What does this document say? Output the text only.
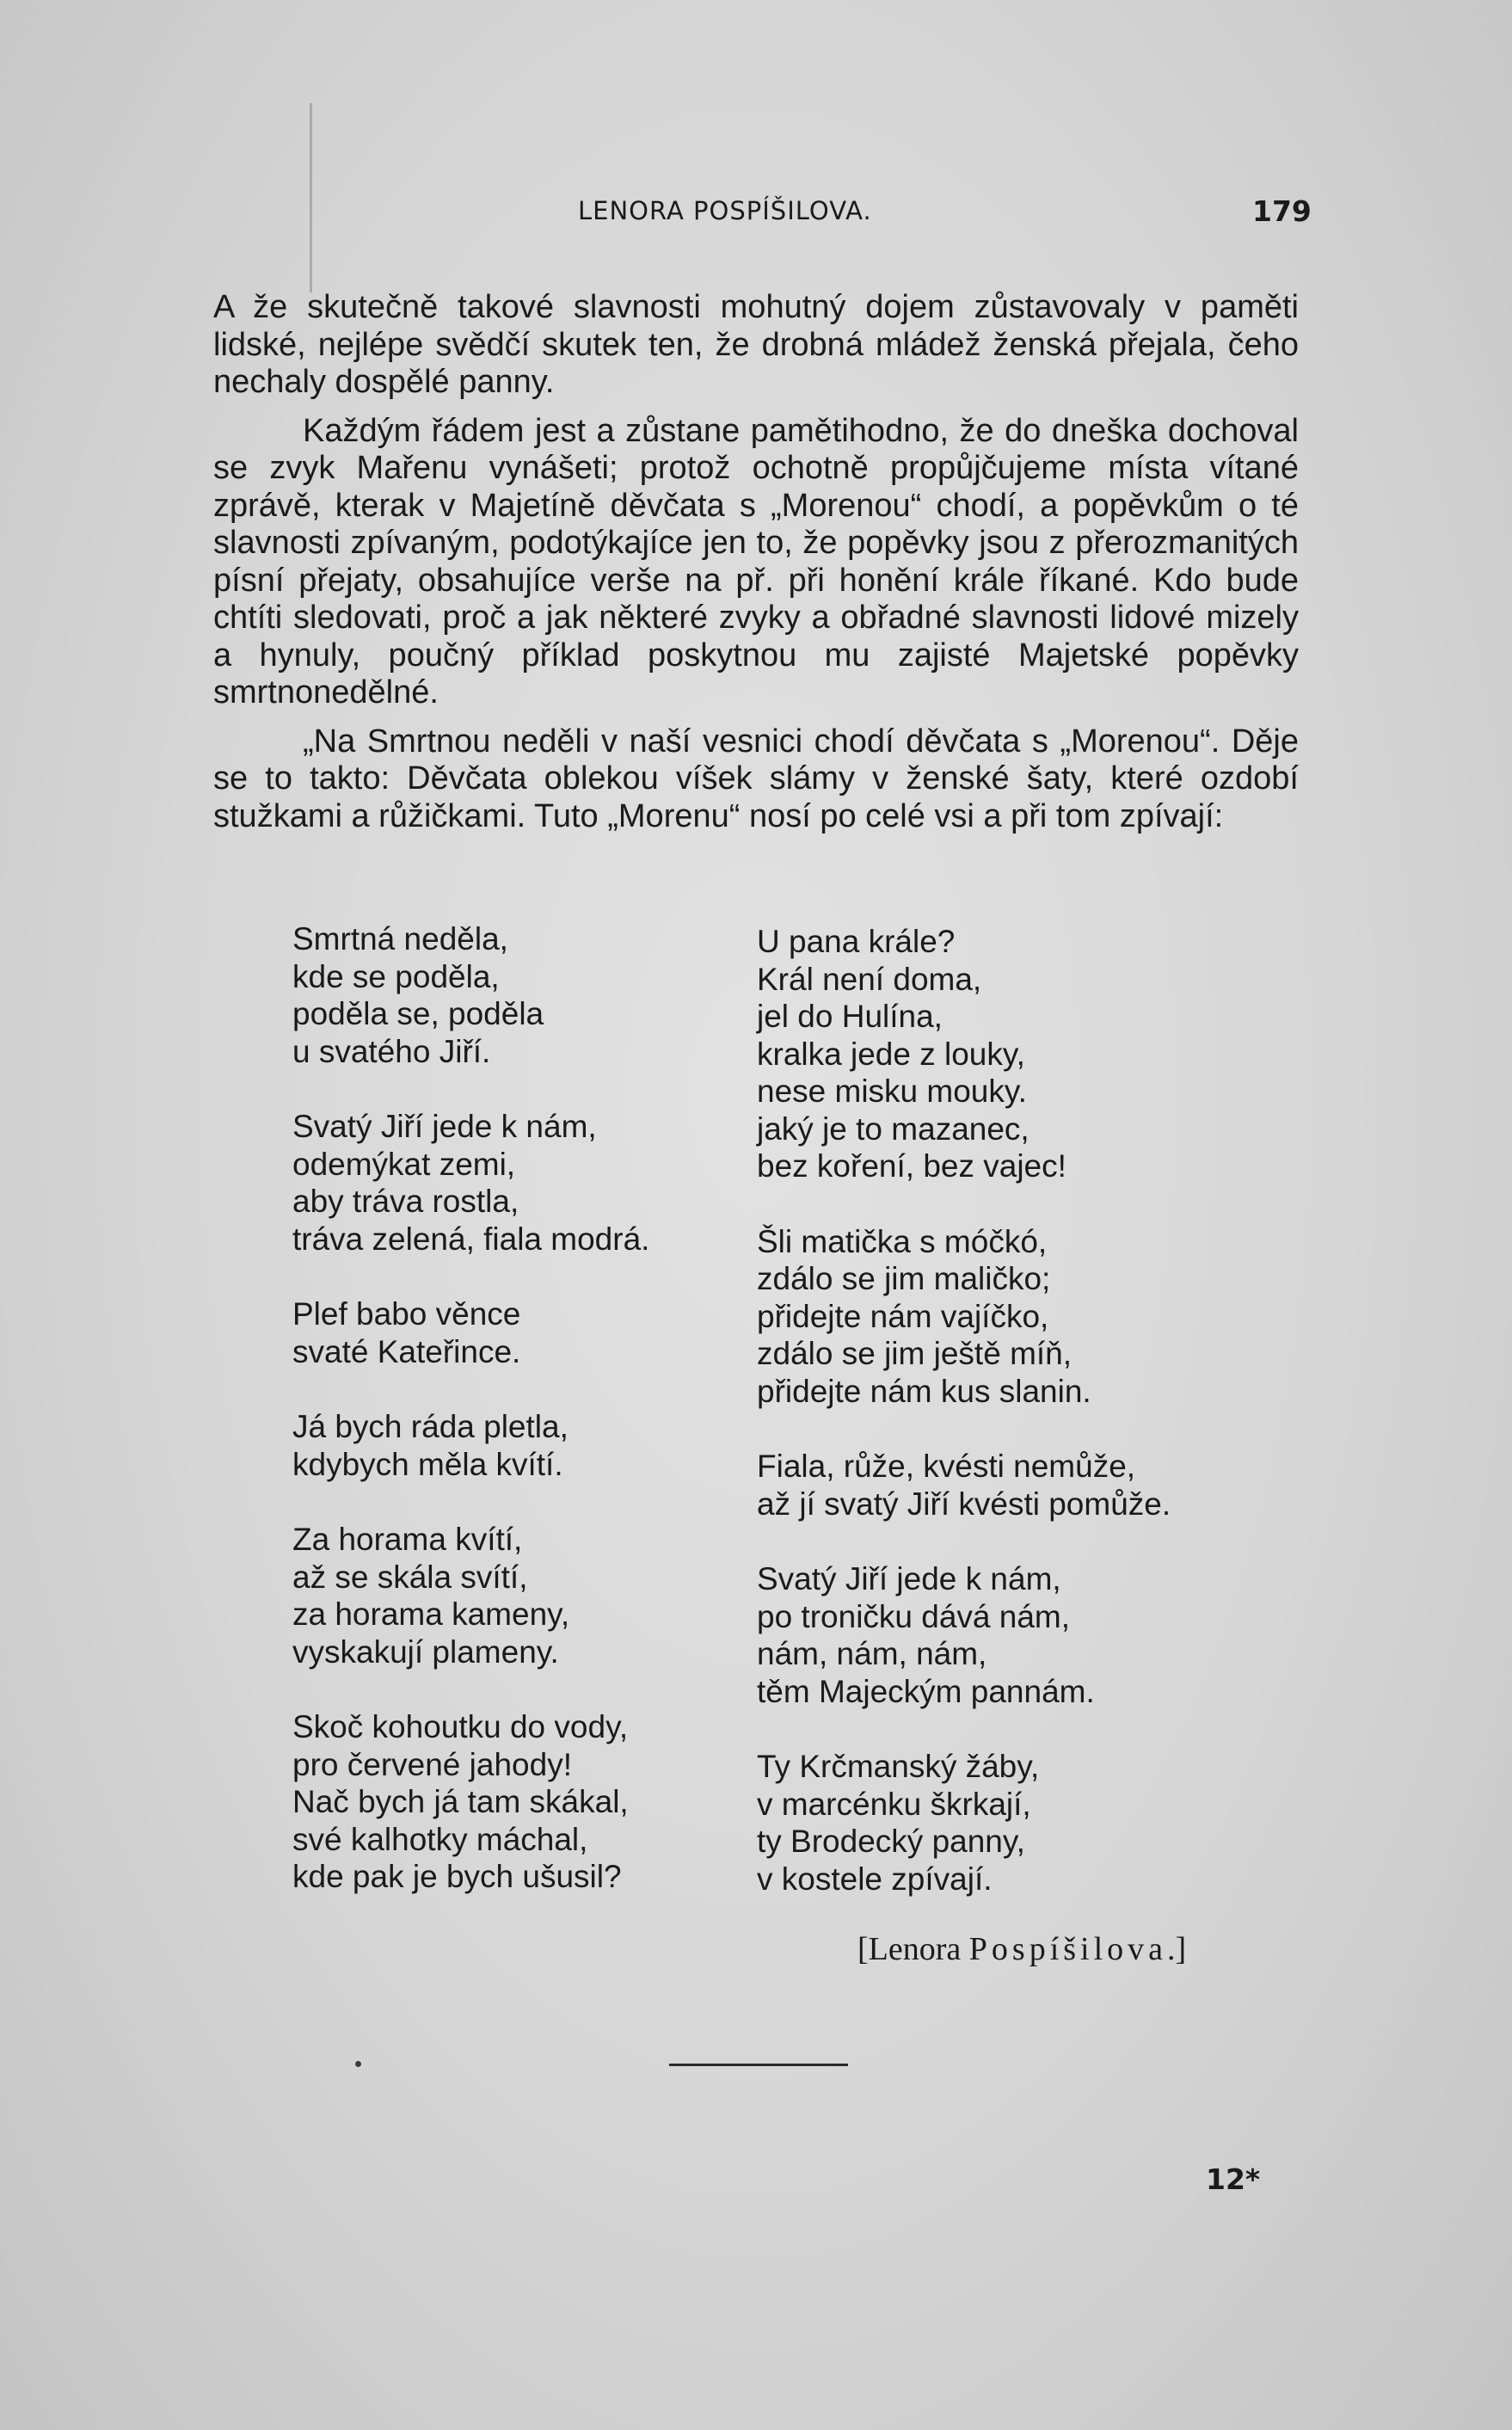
LENORA POSPÍŠILOVA.	179

A že skutečně takové slavnosti mohutný dojem zůstavovaly v paměti lidské, nejlépe svědčí skutek ten, že drobná mládež ženská přejala, čeho nechaly dospělé panny.

Každým řádem jest a zůstane pamětihodno, že do dneška dochoval se zvyk Mařenu vynášeti; protož ochotně propůjčujeme místa vítané zprávě, kterak v Majetíně děvčata s „Morenou“ chodí, a popěvkům o té slavnosti zpívaným, podotýkajíce jen to, že popěvky jsou z přerozmanitých písní přejaty, obsahujíce verše na př. při honění krále říkané. Kdo bude chtíti sledovati, proč a jak některé zvyky a obřadné slavnosti lidové mizely a hynuly, poučný příklad poskytnou mu zajisté Majetské popěvky smrtnonedělné.

„Na Smrtnou neděli v naší vesnici chodí děvčata s „Morenou“. Děje se to takto: Děvčata oblekou víšek slámy v ženské šaty, které ozdobí stužkami a růžičkami. Tuto „Morenu“ nosí po celé vsi a při tom zpívají:

Smrtná neděla,
kde se poděla,
poděla se, poděla
u svatého Jiří.
Svatý Jiří jede k nám,
odemýkat zemi,
aby tráva rostla,
tráva zelená, fiala modrá.
Plef babo věnce
svaté Kateřince.
Já bych ráda pletla,
kdybych měla kvítí.
Za horama kvítí,
až se skála svítí,
za horama kameny,
vyskakují plameny.
Skoč kohoutku do vody,
pro červené jahody!
Nač bych já tam skákal,
své kalhotky máchal,
kde pak je bych ušusil?
U pana krále?
Král není doma,
jel do Hulína,
kralka jede z louky,
nese misku mouky.
jaký je to mazanec,
bez koření, bez vajec!
Šli matička s móčkó,
zdálo se jim maličko;
přidejte nám vajíčko,
zdálo se jim ještě míň,
přidejte nám kus slanin.
Fiala, růže, kvésti nemůže,
až jí svatý Jiří kvésti pomůže.
Svatý Jiří jede k nám,
po troničku dává nám,
nám, nám, nám,
těm Majeckým pannám.
Ty Krčmanský žáby,
v marcénku škrkají,
ty Brodecký panny,
v kostele zpívají.
[Lenora Pospíšilova.]
12*
